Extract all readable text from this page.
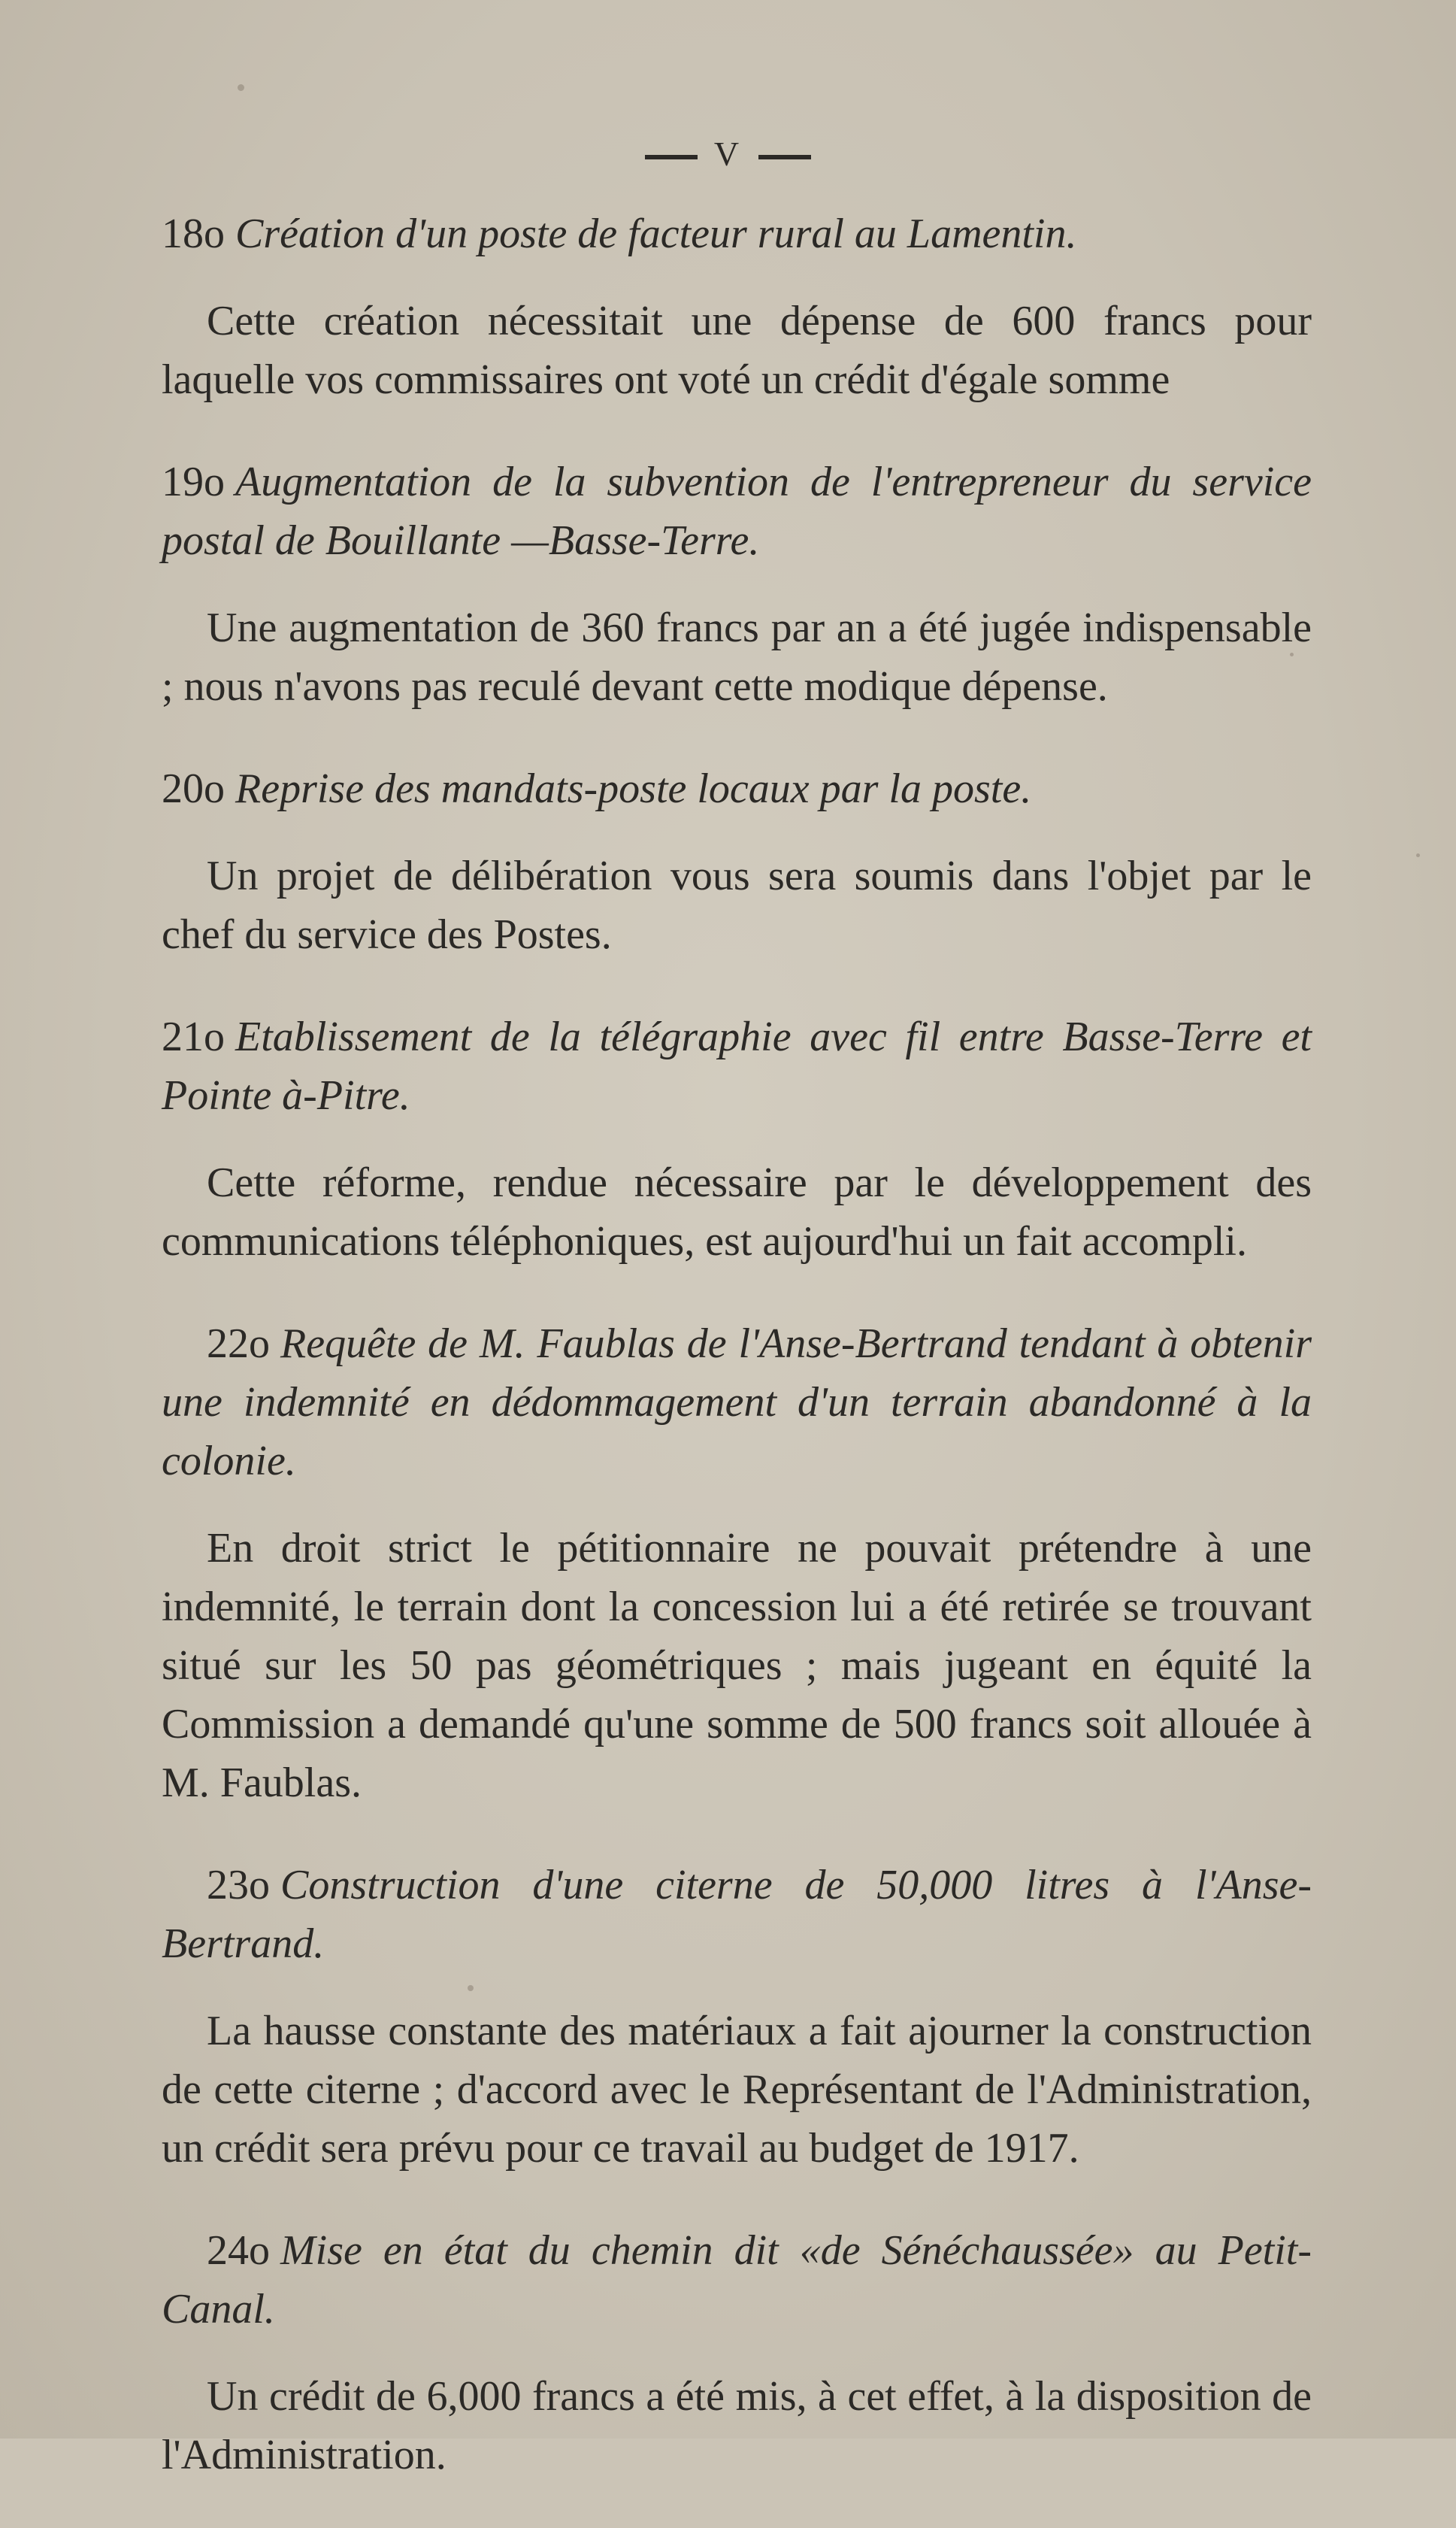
V

18o Création d'un poste de facteur rural au Lamentin.

Cette création nécessitait une dépense de 600 francs pour laquelle vos commissaires ont voté un crédit d'égale somme

19o Augmentation de la subvention de l'entrepreneur du service postal de Bouillante —Basse-Terre.

Une augmentation de 360 francs par an a été jugée indispensable ; nous n'avons pas reculé devant cette modique dépense.

20o Reprise des mandats-poste locaux par la poste.

Un projet de délibération vous sera soumis dans l'objet par le chef du service des Postes.

21o Etablissement de la télégraphie avec fil entre Basse-Terre et Pointe à-Pitre.

Cette réforme, rendue nécessaire par le développement des communications téléphoniques, est aujourd'hui un fait accompli.

22o Requête de M. Faublas de l'Anse-Bertrand tendant à obtenir une indemnité en dédommagement d'un terrain abandonné à la colonie.

En droit strict le pétitionnaire ne pouvait prétendre à une indemnité, le terrain dont la concession lui a été retirée se trouvant situé sur les 50 pas géométriques ; mais jugeant en équité la Commission a demandé qu'une somme de 500 francs soit allouée à M. Faublas.

23o Construction d'une citerne de 50,000 litres à l'Anse-Bertrand.

La hausse constante des matériaux a fait ajourner la construction de cette citerne ; d'accord avec le Représentant de l'Administration, un crédit sera prévu pour ce travail au budget de 1917.

24o Mise en état du chemin dit «de Sénéchaussée» au Petit-Canal.

Un crédit de 6,000 francs a été mis, à cet effet, à la disposition de l'Administration.
